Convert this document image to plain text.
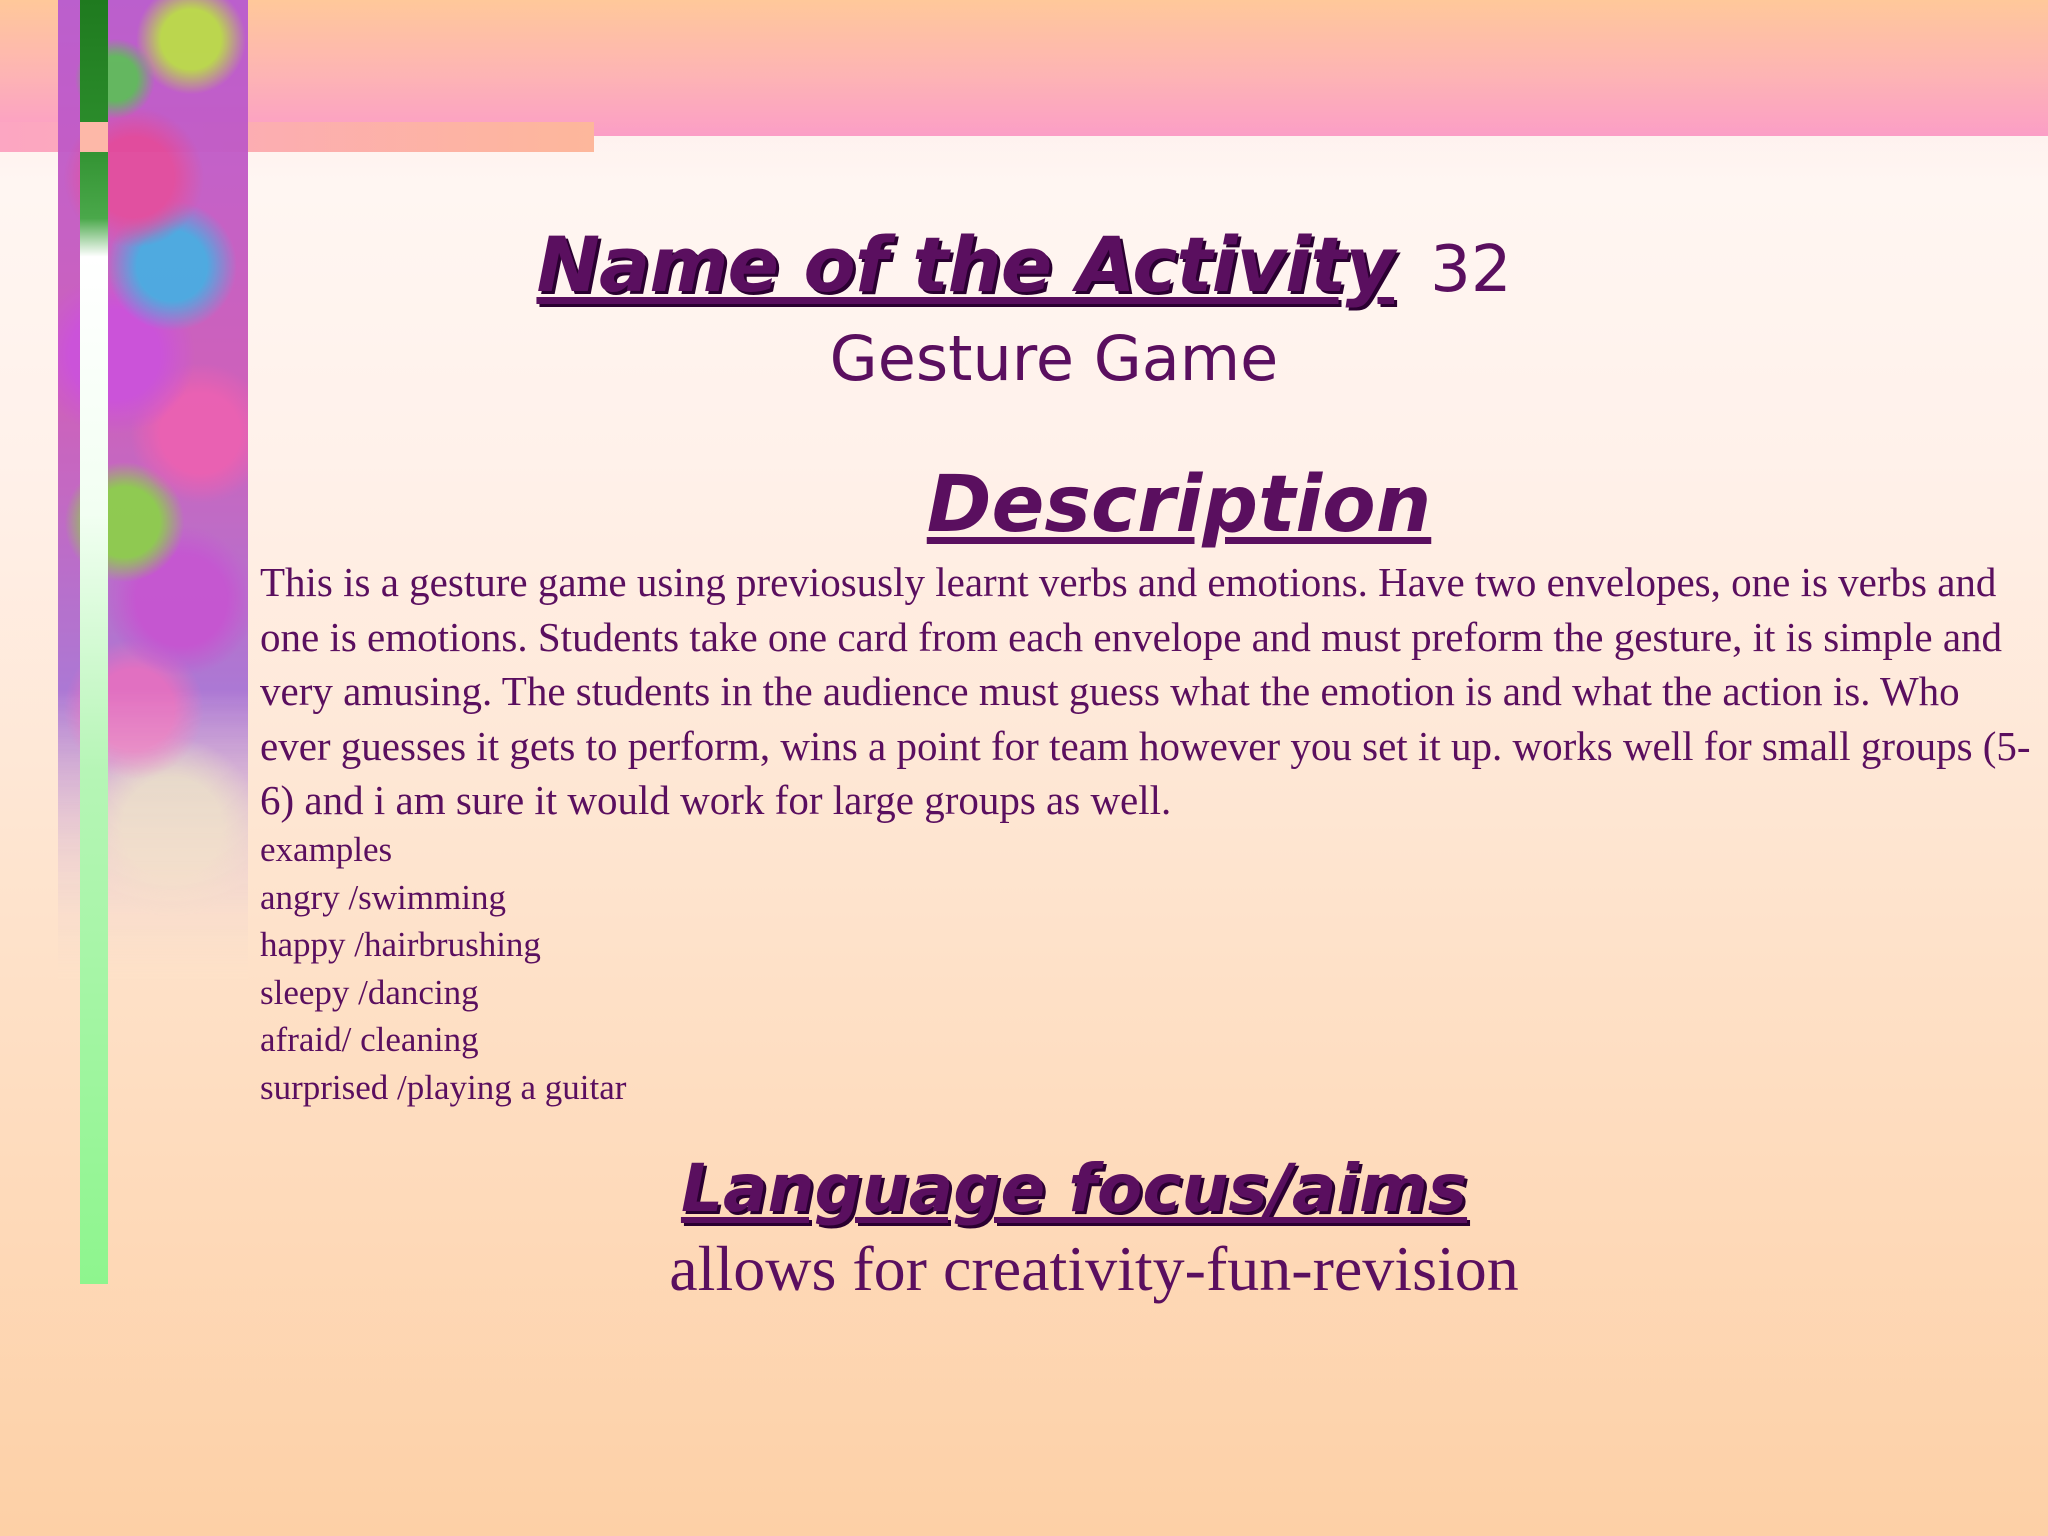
Name of the Activity 32
Gesture Game
Description
This is a gesture game using previosusly learnt verbs and emotions. Have two envelopes, one is verbs and one is emotions. Students take one card from each envelope and must preform the gesture, it is simple and very amusing. The students in the audience must guess what the emotion is and what the action is. Who ever guesses it gets to perform, wins a point for team however you set it up. works well for small groups (5-6) and i am sure it would work for large groups as well.
examples
angry /swimming
happy /hairbrushing
sleepy /dancing
afraid/ cleaning
surprised /playing a guitar
Language focus/aims
allows for creativity-fun-revision
